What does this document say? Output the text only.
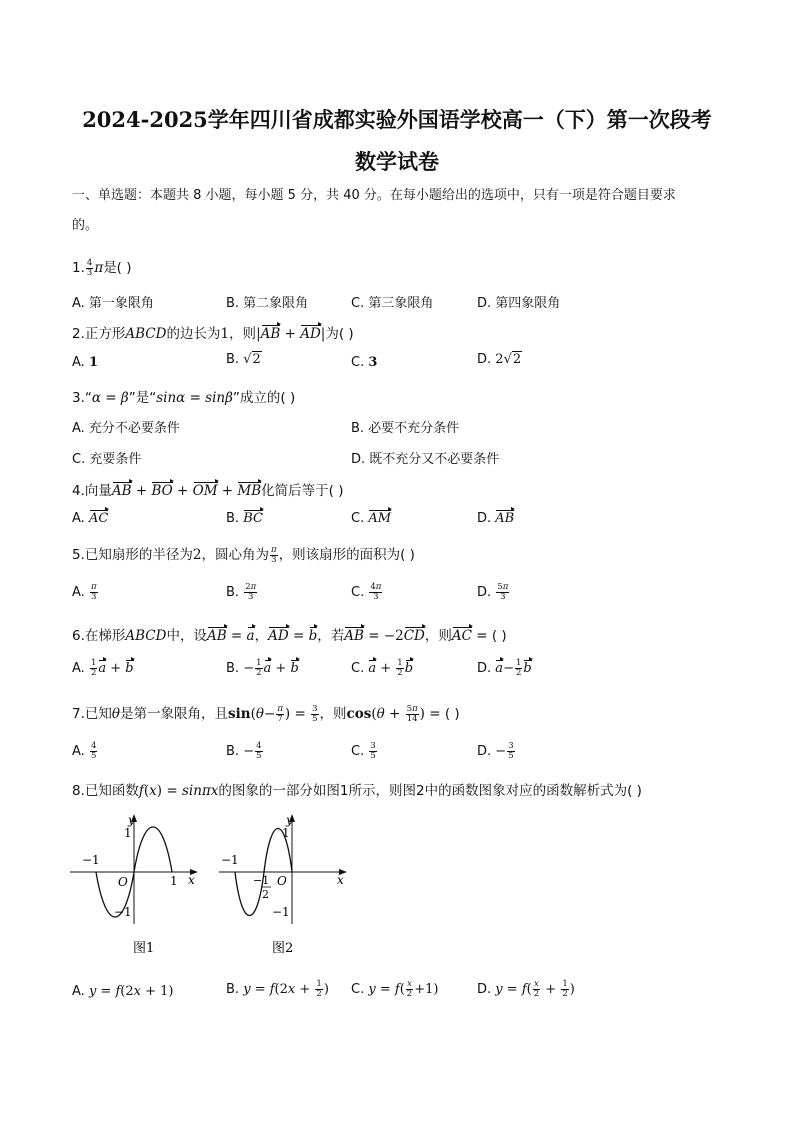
2024-2025学年四川省成都实验外国语学校高一（下）第一次段考
数学试卷
一、单选题：本题共 8 小题，每小题 5 分，共 40 分。在每小题给出的选项中，只有一项是符合题目要求
的。
1. $\frac{4}{3}$ π是( )
A. 第一象限角	B. 第二象限角	C. 第三象限角	D. 第四象限角
2.正方形ABCD的边长为1，则|AB + AD|为( )
A. 1	B. √2	C. 3	D. 2√2
3.“α = β”是“sinα = sinβ”成立的( )
A. 充分不必要条件	B. 必要不充分条件
C. 充要条件	D. 既不充分又不必要条件
4.向量AB + BO + OM + MB化简后等于( )
A. AC	B. BC	C. AM	D. AB
5.已知扇形的半径为2，圆心角为 $\frac{\pi}{3}$ ，则该扇形的面积为( )
A. $\frac{\pi}{3}$	B. $\frac{2\pi}{3}$	C. $\frac{4\pi}{3}$	D. $\frac{5\pi}{3}$
6.在梯形ABCD中，设AB = a，AD = b，若AB = −2CD，则AC = ( )
A. $\frac{1}{2}$ a + b	B. − $\frac{1}{2}$ a + b	C. $a + \frac{1}{2}$ b	D. $a- \frac{1}{2}$ b
7.已知θ是第一象限角，且$\sin(\theta- \frac{\pi}{7}$ ) = $\frac{3}{5}$ ，则$\cos(\theta + \frac{5\pi}{14}$ ) = ( )
A. $\frac{4}{5}$	B. − $\frac{4}{5}$	C. $\frac{3}{5}$	D. − $\frac{3}{5}$
8.已知函数f(x) = sinπx的图象的一部分如图1所示，则图2中的函数图象对应的函数解析式为( )
y
1
−1
O	1 x
−1
图1
y
1
−1
−1
2
O	x
−1
图2
A. y = f(2x + 1)	B. $y = f(2x + \frac{1}{2}$ ) C. $y = f( \frac{x}{2} +1)$	D. $y = f( \frac{x}{2} + \frac{1}{2}$ )
